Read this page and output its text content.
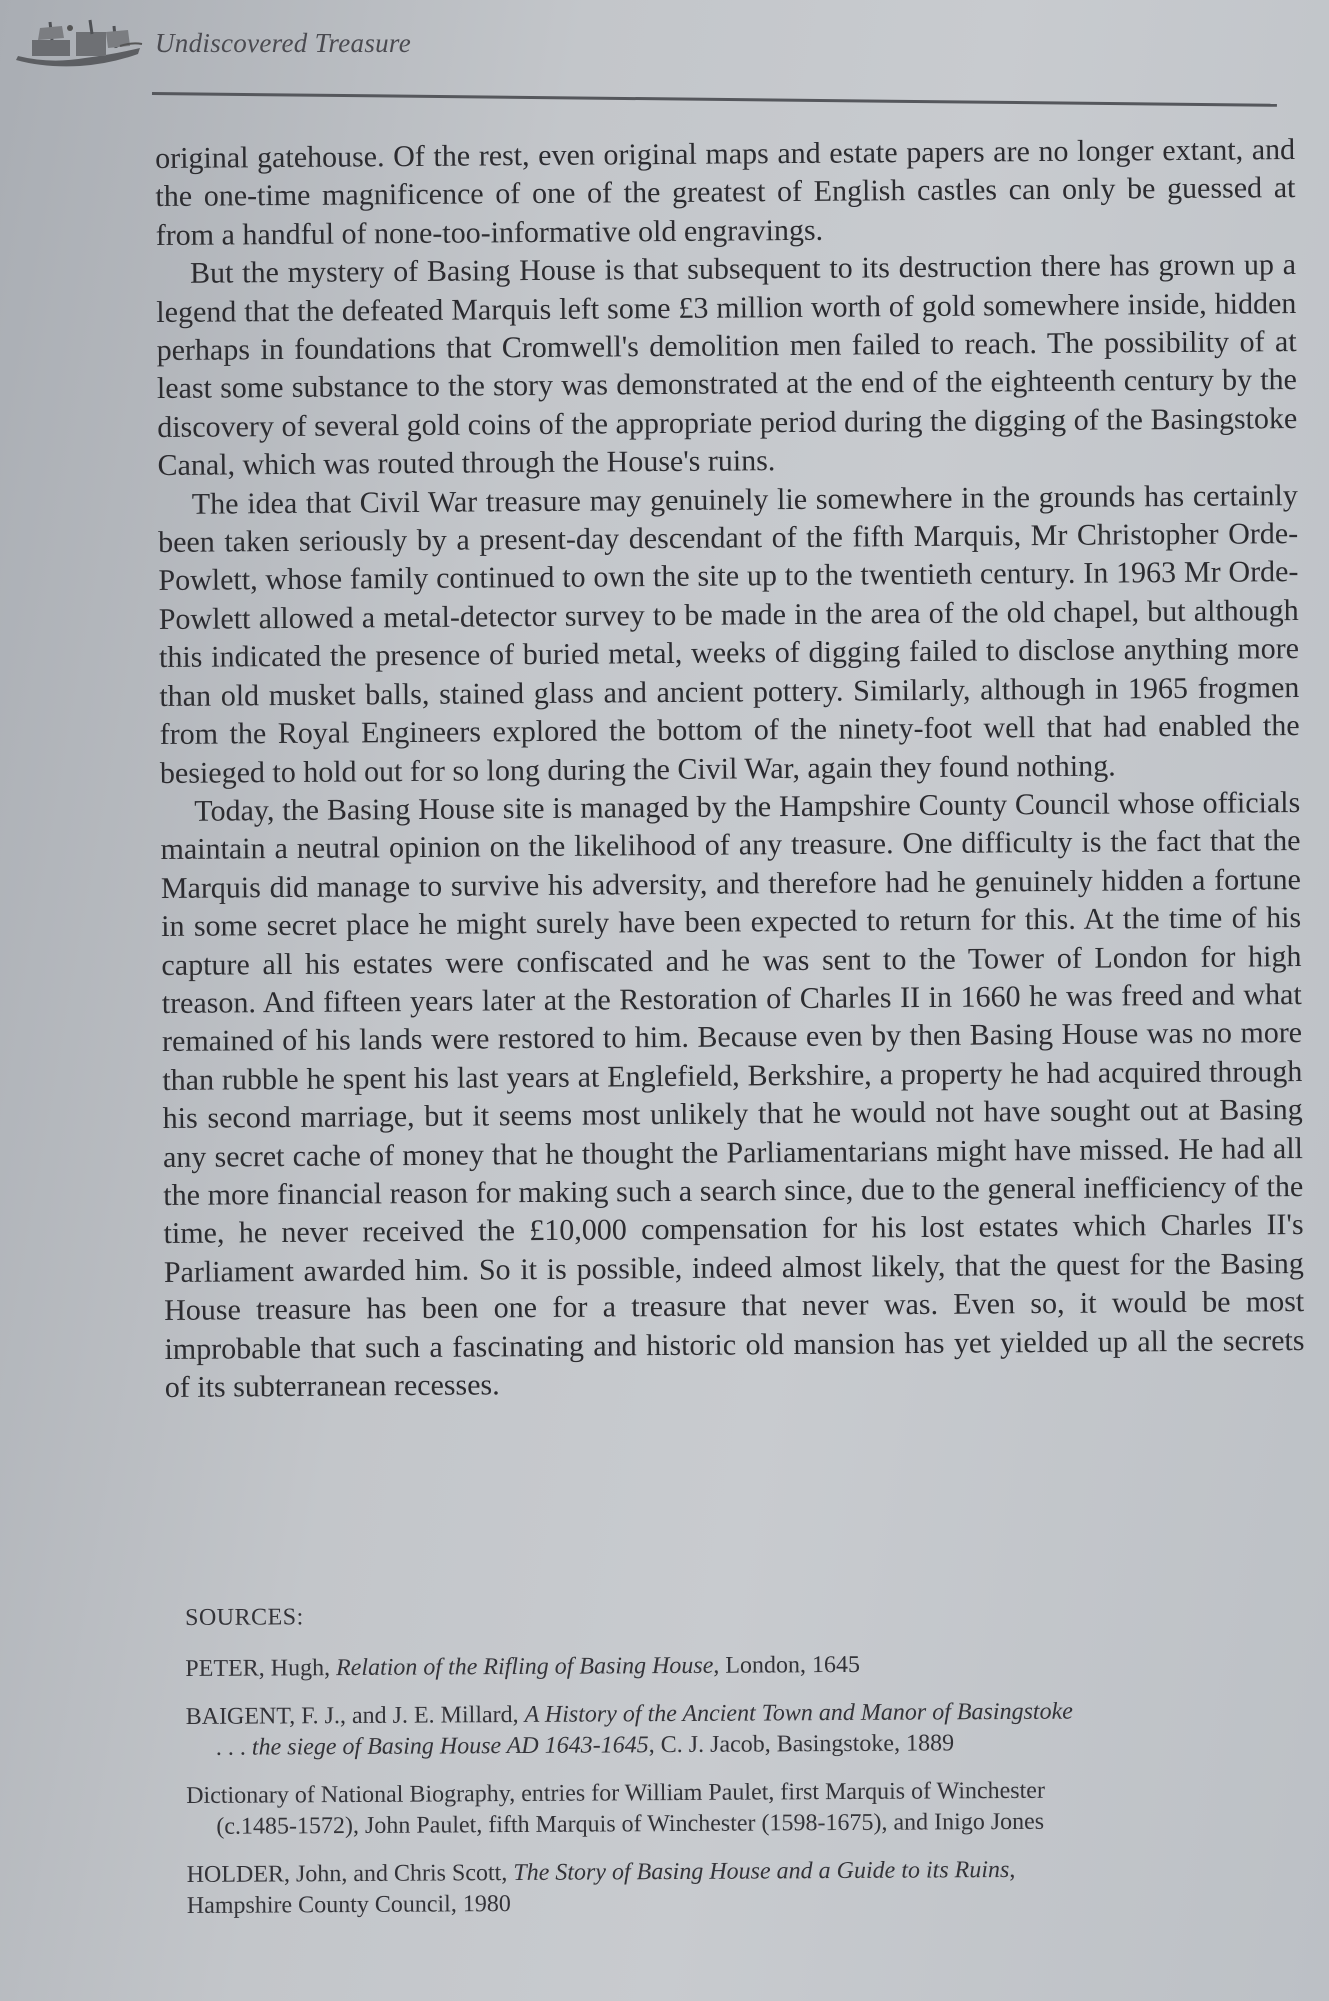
Undiscovered Treasure

original gatehouse. Of the rest, even original maps and estate papers are no longer extant, and the one-time magnificence of one of the greatest of English castles can only be guessed at from a handful of none-too-informative old engravings.

But the mystery of Basing House is that subsequent to its destruction there has grown up a legend that the defeated Marquis left some £3 million worth of gold somewhere inside, hidden perhaps in foundations that Cromwell's demolition men failed to reach. The possibility of at least some substance to the story was demonstrated at the end of the eighteenth century by the discovery of several gold coins of the appropriate period during the digging of the Basingstoke Canal, which was routed through the House's ruins.

The idea that Civil War treasure may genuinely lie somewhere in the grounds has certainly been taken seriously by a present-day descendant of the fifth Marquis, Mr Christopher Orde-Powlett, whose family continued to own the site up to the twentieth century. In 1963 Mr Orde-Powlett allowed a metal-detector survey to be made in the area of the old chapel, but although this indicated the presence of buried metal, weeks of digging failed to disclose anything more than old musket balls, stained glass and ancient pottery. Similarly, although in 1965 frogmen from the Royal Engineers explored the bottom of the ninety-foot well that had enabled the besieged to hold out for so long during the Civil War, again they found nothing.

Today, the Basing House site is managed by the Hampshire County Council whose officials maintain a neutral opinion on the likelihood of any treasure. One difficulty is the fact that the Marquis did manage to survive his adversity, and therefore had he genuinely hidden a fortune in some secret place he might surely have been expected to return for this. At the time of his capture all his estates were confiscated and he was sent to the Tower of London for high treason. And fifteen years later at the Restoration of Charles II in 1660 he was freed and what remained of his lands were restored to him. Because even by then Basing House was no more than rubble he spent his last years at Englefield, Berkshire, a property he had acquired through his second marriage, but it seems most unlikely that he would not have sought out at Basing any secret cache of money that he thought the Parliamentarians might have missed. He had all the more financial reason for making such a search since, due to the general inefficiency of the time, he never received the £10,000 compensation for his lost estates which Charles II's Parliament awarded him. So it is possible, indeed almost likely, that the quest for the Basing House treasure has been one for a treasure that never was. Even so, it would be most improbable that such a fascinating and historic old mansion has yet yielded up all the secrets of its subterranean recesses.

SOURCES:
PETER, Hugh, Relation of the Rifling of Basing House, London, 1645
BAIGENT, F. J., and J. E. Millard, A History of the Ancient Town and Manor of Basingstoke
. . . the siege of Basing House AD 1643-1645, C. J. Jacob, Basingstoke, 1889
Dictionary of National Biography, entries for William Paulet, first Marquis of Winchester
(c.1485-1572), John Paulet, fifth Marquis of Winchester (1598-1675), and Inigo Jones
HOLDER, John, and Chris Scott, The Story of Basing House and a Guide to its Ruins,
Hampshire County Council, 1980
